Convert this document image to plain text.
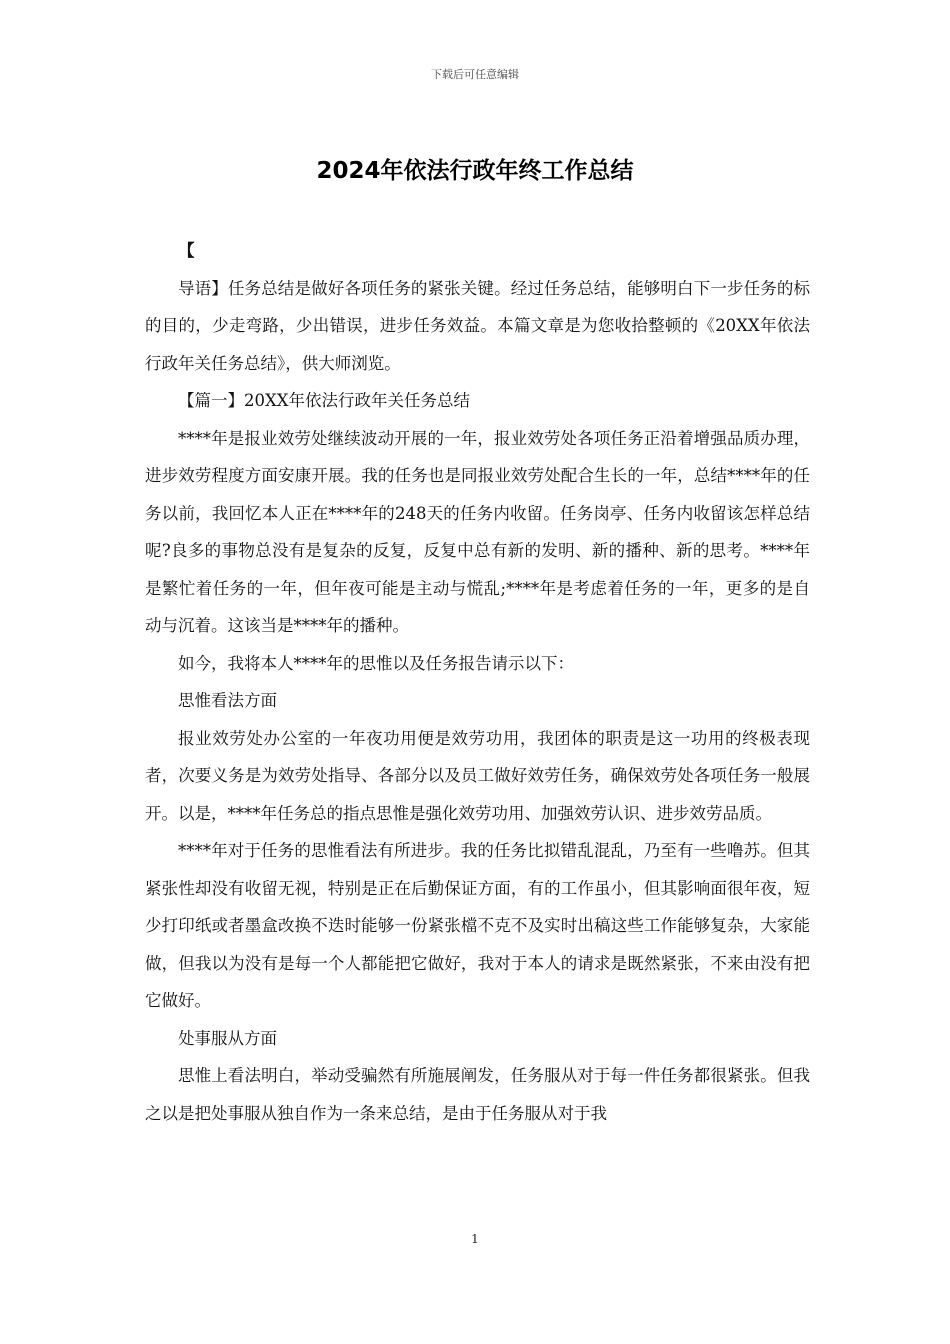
下载后可任意编辑
2024年依法行政年终工作总结

【

导语】任务总结是做好各项任务的紧张关键。经过任务总结，能够明白下一步任务的标的目的，少走弯路，少出错误，进步任务效益。本篇文章是为您收拾整顿的《20XX年依法行政年关任务总结》，供大师浏览。

【篇一】20XX年依法行政年关任务总结

****年是报业效劳处继续波动开展的一年，报业效劳处各项任务正沿着增强品质办理，进步效劳程度方面安康开展。我的任务也是同报业效劳处配合生长的一年，总结****年的任务以前，我回忆本人正在****年的248天的任务内收留。任务岗亭、任务内收留该怎样总结呢?良多的事物总没有是复杂的反复，反复中总有新的发明、新的播种、新的思考。****年是繁忙着任务的一年，但年夜可能是主动与慌乱;****年是考虑着任务的一年，更多的是自动与沉着。这该当是****年的播种。

如今，我将本人****年的思惟以及任务报告请示以下：

思惟看法方面

报业效劳处办公室的一年夜功用便是效劳功用，我团体的职责是这一功用的终极表现者，次要义务是为效劳处指导、各部分以及员工做好效劳任务，确保效劳处各项任务一般展开。以是，****年任务总的指点思惟是强化效劳功用、加强效劳认识、进步效劳品质。

****年对于任务的思惟看法有所进步。我的任务比拟错乱混乱，乃至有一些噜苏。但其紧张性却没有收留无视，特别是正在后勤保证方面，有的工作虽小，但其影响面很年夜，短少打印纸或者墨盒改换不迭时能够一份紧张檔不克不及实时出稿这些工作能够复杂，大家能做，但我以为没有是每一个人都能把它做好，我对于本人的请求是既然紧张，不来由没有把它做好。

处事服从方面

思惟上看法明白，举动受骗然有所施展阐发，任务服从对于每一件任务都很紧张。但我之以是把处事服从独自作为一条来总结，是由于任务服从对于我

1
